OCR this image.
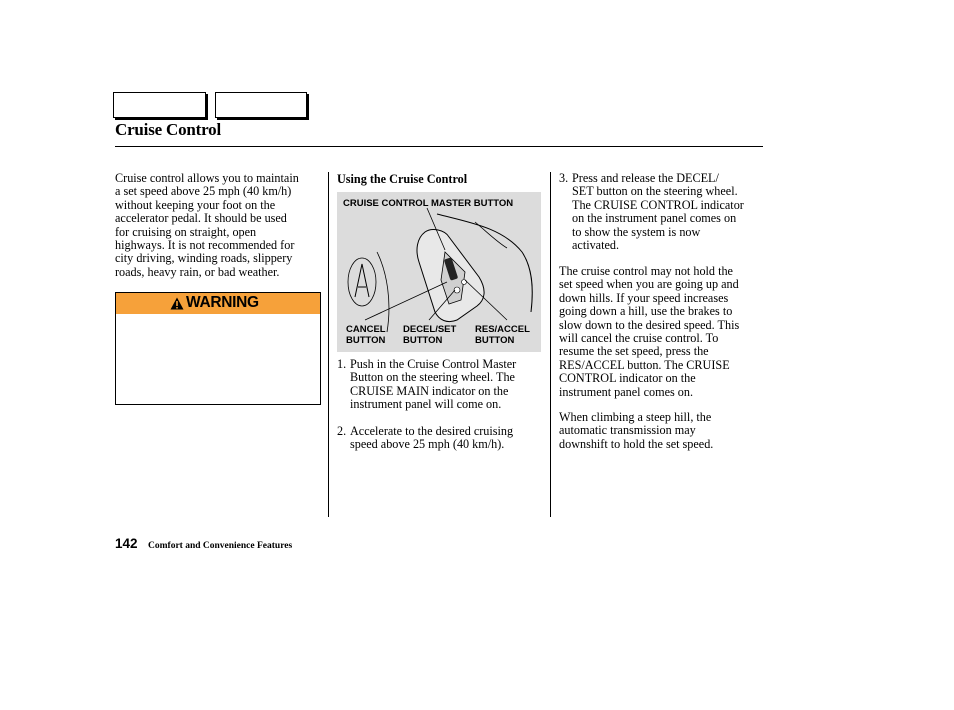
Cruise Control
Cruise control allows you to maintain
a set speed above 25 mph (40 km/h)
without keeping your foot on the
accelerator pedal. It should be used
for cruising on straight, open
highways. It is not recommended for
city driving, winding roads, slippery
roads, heavy rain, or bad weather.
WARNING
Using the Cruise Control
CRUISE CONTROL MASTER BUTTON
CANCEL
BUTTON
DECEL/SET
BUTTON
RES/ACCEL
BUTTON
1. Push in the Cruise Control Master
Button on the steering wheel. The
CRUISE MAIN indicator on the
instrument panel will come on.
2. Accelerate to the desired cruising
speed above 25 mph (40 km/h).
3. Press and release the DECEL/
SET button on the steering wheel.
The CRUISE CONTROL indicator
on the instrument panel comes on
to show the system is now
activated.
The cruise control may not hold the
set speed when you are going up and
down hills. If your speed increases
going down a hill, use the brakes to
slow down to the desired speed. This
will cancel the cruise control. To
resume the set speed, press the
RES/ACCEL button. The CRUISE
CONTROL indicator on the
instrument panel comes on.
When climbing a steep hill, the
automatic transmission may
downshift to hold the set speed.
142 Comfort and Convenience Features
